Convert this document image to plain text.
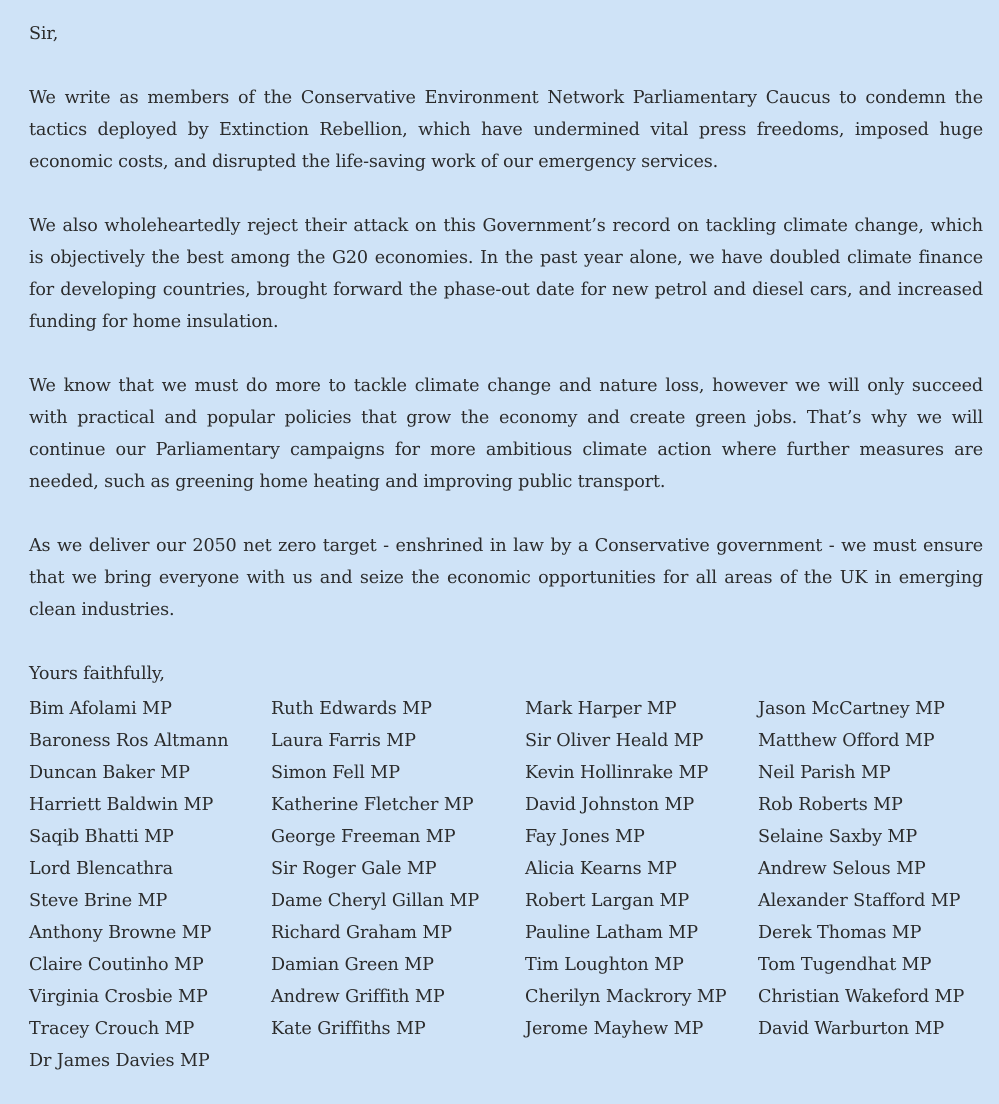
Sir,

We write as members of the Conservative Environment Network Parliamentary Caucus to condemn the tactics deployed by Extinction Rebellion, which have undermined vital press freedoms, imposed huge economic costs, and disrupted the life-saving work of our emergency services.

We also wholeheartedly reject their attack on this Government’s record on tackling climate change, which is objectively the best among the G20 economies. In the past year alone, we have doubled climate finance for developing countries, brought forward the phase-out date for new petrol and diesel cars, and increased funding for home insulation.

We know that we must do more to tackle climate change and nature loss, however we will only succeed with practical and popular policies that grow the economy and create green jobs. That’s why we will continue our Parliamentary campaigns for more ambitious climate action where further measures are needed, such as greening home heating and improving public transport.

As we deliver our 2050 net zero target - enshrined in law by a Conservative government - we must ensure that we bring everyone with us and seize the economic opportunities for all areas of the UK in emerging clean industries.

Yours faithfully,

Bim Afolami MP
Baroness Ros Altmann
Duncan Baker MP
Harriett Baldwin MP
Saqib Bhatti MP
Lord Blencathra
Steve Brine MP
Anthony Browne MP
Claire Coutinho MP
Virginia Crosbie MP
Tracey Crouch MP
Dr James Davies MP
Ruth Edwards MP
Laura Farris MP
Simon Fell MP
Katherine Fletcher MP
George Freeman MP
Sir Roger Gale MP
Dame Cheryl Gillan MP
Richard Graham MP
Damian Green MP
Andrew Griffith MP
Kate Griffiths MP
Mark Harper MP
Sir Oliver Heald MP
Kevin Hollinrake MP
David Johnston MP
Fay Jones MP
Alicia Kearns MP
Robert Largan MP
Pauline Latham MP
Tim Loughton MP
Cherilyn Mackrory MP
Jerome Mayhew MP
Jason McCartney MP
Matthew Offord MP
Neil Parish MP
Rob Roberts MP
Selaine Saxby MP
Andrew Selous MP
Alexander Stafford MP
Derek Thomas MP
Tom Tugendhat MP
Christian Wakeford MP
David Warburton MP
